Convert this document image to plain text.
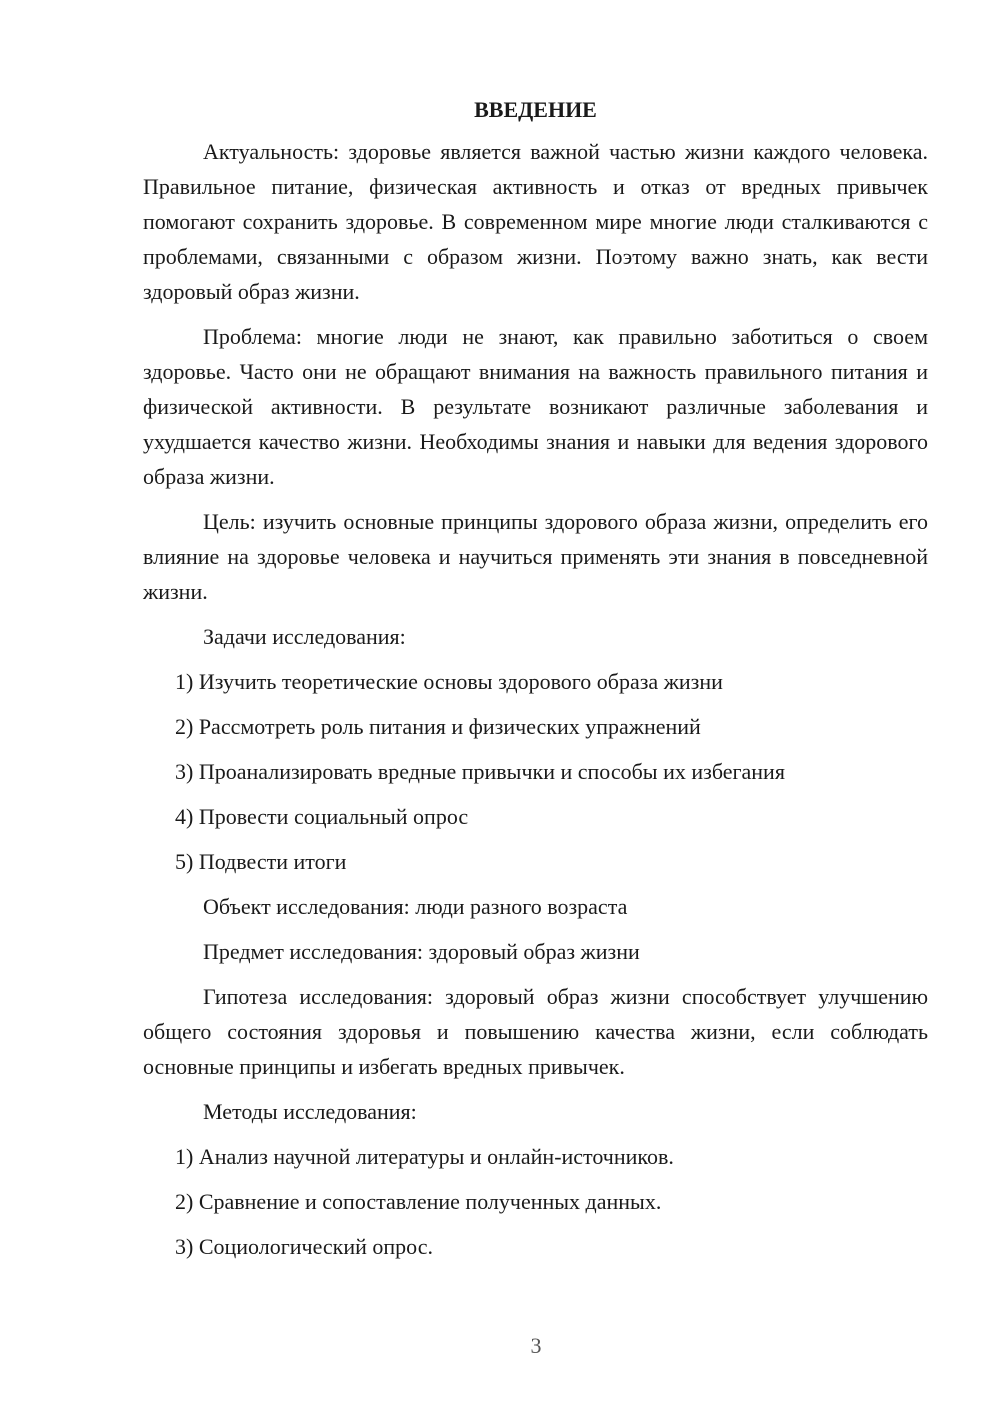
ВВЕДЕНИЕ

Актуальность: здоровье является важной частью жизни каждого человека. Правильное питание, физическая активность и отказ от вредных привычек помогают сохранить здоровье. В современном мире многие люди сталкиваются с проблемами, связанными с образом жизни. Поэтому важно знать, как вести здоровый образ жизни.

Проблема: многие люди не знают, как правильно заботиться о своем здоровье. Часто они не обращают внимания на важность правильного питания и физической активности. В результате возникают различные заболевания и ухудшается качество жизни. Необходимы знания и навыки для ведения здорового образа жизни.

Цель: изучить основные принципы здорового образа жизни, определить его влияние на здоровье человека и научиться применять эти знания в повседневной жизни.

Задачи исследования:

1) Изучить теоретические основы здорового образа жизни

2) Рассмотреть роль питания и физических упражнений

3) Проанализировать вредные привычки и способы их избегания

4) Провести социальный опрос

5) Подвести итоги

Объект исследования: люди разного возраста

Предмет исследования: здоровый образ жизни

Гипотеза исследования: здоровый образ жизни способствует улучшению общего состояния здоровья и повышению качества жизни, если соблюдать основные принципы и избегать вредных привычек.

Методы исследования:

1) Анализ научной литературы и онлайн-источников.

2) Сравнение и сопоставление полученных данных.

3) Социологический опрос.

3
